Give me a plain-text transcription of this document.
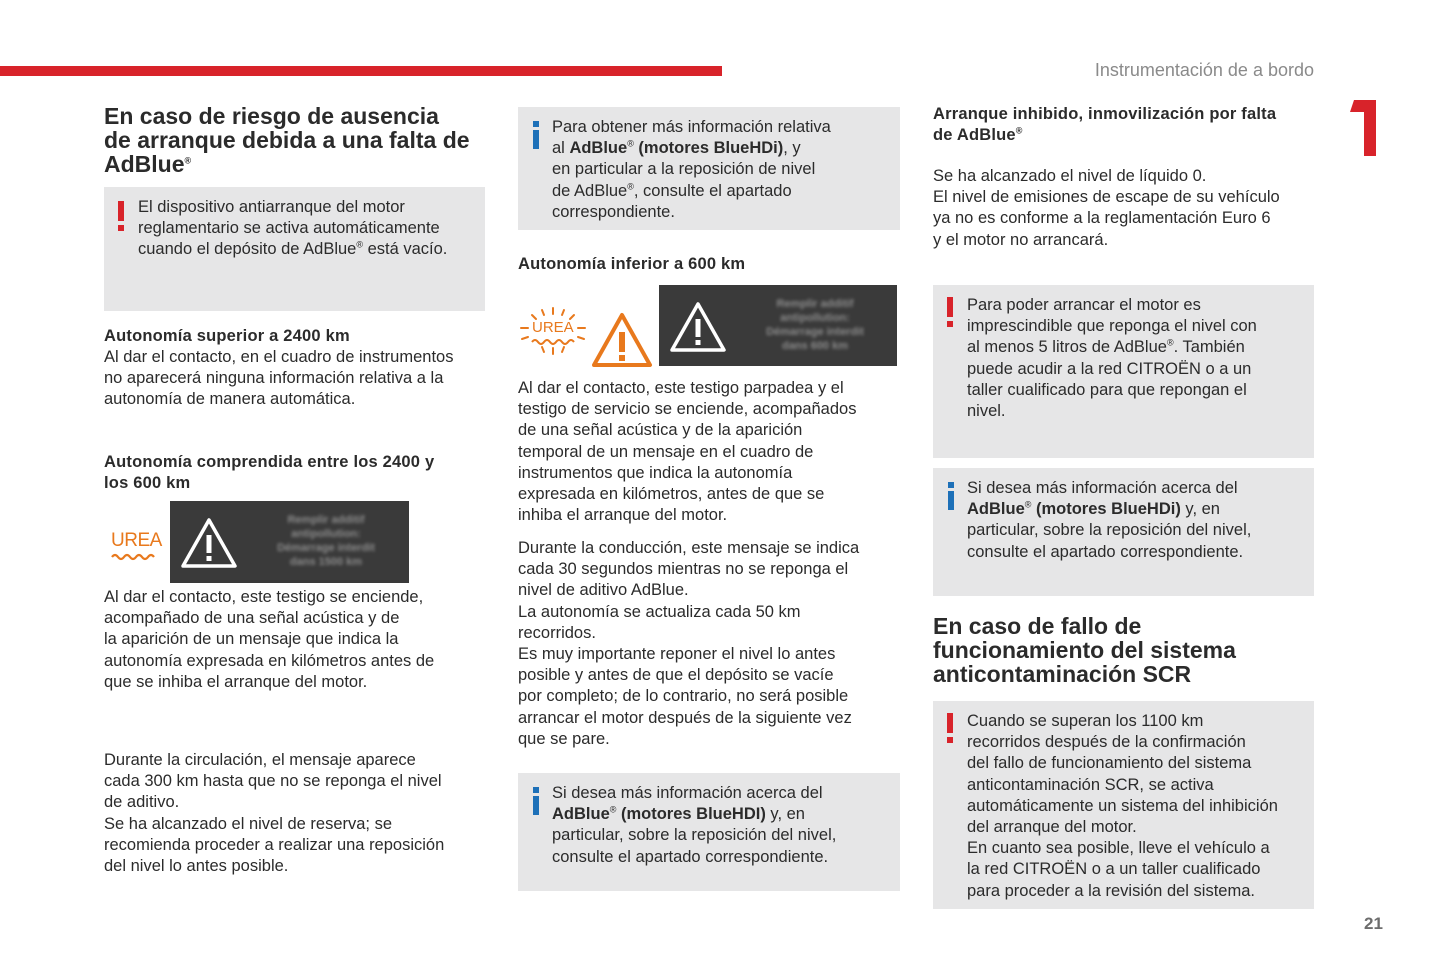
Instrumentación de a bordo
21
En caso de riesgo de ausencia
de arranque debida a una falta de
AdBlue®
El dispositivo antiarranque del motor
reglamentario se activa automáticamente
cuando el depósito de AdBlue® está vacío.
Autonomía superior a 2400 km

Al dar el contacto, en el cuadro de instrumentos
no aparecerá ninguna información relativa a la
autonomía de manera automática.

Autonomía comprendida entre los 2400 y
los 600 km
UREA
Remplir additif
antipollution:
Démarrage interdit
dans 1500 km

Al dar el contacto, este testigo se enciende,
acompañado de una señal acústica y de
la aparición de un mensaje que indica la
autonomía expresada en kilómetros antes de
que se inhiba el arranque del motor.

Durante la circulación, el mensaje aparece
cada 300 km hasta que no se reponga el nivel
de aditivo.
Se ha alcanzado el nivel de reserva; se
recomienda proceder a realizar una reposición
del nivel lo antes posible.

Para obtener más información relativa
al AdBlue® (motores BlueHDi), y
en particular a la reposición de nivel
de AdBlue®, consulte el apartado
correspondiente.
Autonomía inferior a 600 km
UREA
Remplir additif
antipollution:
Démarrage interdit
dans 600 km

Al dar el contacto, este testigo parpadea y el
testigo de servicio se enciende, acompañados
de una señal acústica y de la aparición
temporal de un mensaje en el cuadro de
instrumentos que indica la autonomía
expresada en kilómetros, antes de que se
inhiba el arranque del motor.

Durante la conducción, este mensaje se indica
cada 30 segundos mientras no se reponga el
nivel de aditivo AdBlue.
La autonomía se actualiza cada 50 km
recorridos.
Es muy importante reponer el nivel lo antes
posible y antes de que el depósito se vacíe
por completo; de lo contrario, no será posible
arrancar el motor después de la siguiente vez
que se pare.

Si desea más información acerca del
AdBlue® (motores BlueHDI) y, en
particular, sobre la reposición del nivel,
consulte el apartado correspondiente.
Arranque inhibido, inmovilización por falta
de AdBlue®

Se ha alcanzado el nivel de líquido 0.
El nivel de emisiones de escape de su vehículo
ya no es conforme a la reglamentación Euro 6
y el motor no arrancará.

Para poder arrancar el motor es
imprescindible que reponga el nivel con
al menos 5 litros de AdBlue®. También
puede acudir a la red CITROËN o a un
taller cualificado para que repongan el
nivel.
Si desea más información acerca del
AdBlue® (motores BlueHDi) y, en
particular, sobre la reposición del nivel,
consulte el apartado correspondiente.
En caso de fallo de
funcionamiento del sistema
anticontaminación SCR
Cuando se superan los 1100 km
recorridos después de la confirmación
del fallo de funcionamiento del sistema
anticontaminación SCR, se activa
automáticamente un sistema del inhibición
del arranque del motor.
En cuanto sea posible, lleve el vehículo a
la red CITROËN o a un taller cualificado
para proceder a la revisión del sistema.
